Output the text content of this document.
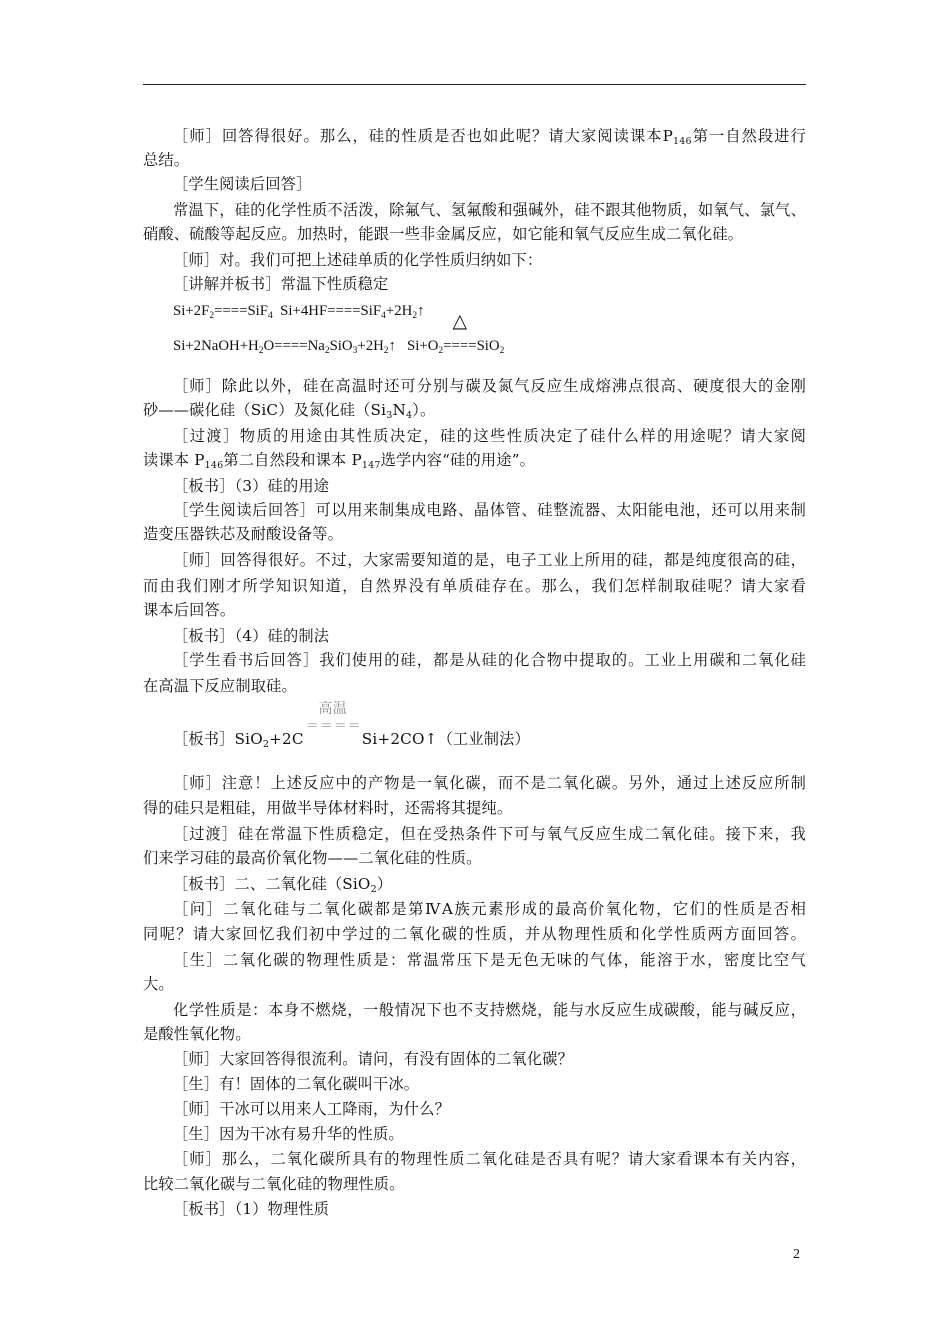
［师］回答得很好。那么，硅的性质是否也如此呢？请大家阅读课本$P_{146}$第一自然段进行
总结。
［学生阅读后回答］
常温下，硅的化学性质不活泼，除氟气、氢氟酸和强碱外，硅不跟其他物质，如氧气、氯气、
硝酸、硫酸等起反应。加热时，能跟一些非金属反应，如它能和氧气反应生成二氧化硅。
［师］对。我们可把上述硅单质的化学性质归纳如下：
［讲解并板书］常温下性质稳定
$Si+2F_2====SiF_4$  $Si+4HF====SiF_4+2H_2↑$
$Si+2NaOH+H_2O====Na_2SiO_3+2H_2↑$   $Si+O_2$
△
====SiO$_2$
［师］除此以外，硅在高温时还可分别与碳及氮气反应生成熔沸点很高、硬度很大的金刚
砂——碳化硅（SiC）及氮化硅$(Si_3N_4)$。
［过渡］物质的用途由其性质决定，硅的这些性质决定了硅什么样的用途呢？请大家阅
读课本 $P_{146}$第二自然段和课本 $P_{147}$选学内容“硅的用途”。
［板书］（3）硅的用途
［学生阅读后回答］可以用来制集成电路、晶体管、硅整流器、太阳能电池，还可以用来制
造变压器铁芯及耐酸设备等。
［师］回答得很好。不过，大家需要知道的是，电子工业上所用的硅，都是纯度很高的硅，
而由我们刚才所学知识知道，自然界没有单质硅存在。那么，我们怎样制取硅呢？请大家看
课本后回答。
［板书］（4）硅的制法
［学生看书后回答］我们使用的硅，都是从硅的化合物中提取的。工业上用碳和二氧化硅
在高温下反应制取硅。
［板书］SiO$_2$+2C
高温
＝＝＝＝
Si+2CO↑（工业制法）
［师］注意！上述反应中的产物是一氧化碳，而不是二氧化碳。另外，通过上述反应所制
得的硅只是粗硅，用做半导体材料时，还需将其提纯。
［过渡］硅在常温下性质稳定，但在受热条件下可与氧气反应生成二氧化硅。接下来，我
们来学习硅的最高价氧化物——二氧化硅的性质。
［板书］二、二氧化硅（SiO$_2$）
［问］二氧化硅与二氧化碳都是第ⅣA族元素形成的最高价氧化物，它们的性质是否相
同呢？请大家回忆我们初中学过的二氧化碳的性质，并从物理性质和化学性质两方面回答。
［生］二氧化碳的物理性质是：常温常压下是无色无味的气体，能溶于水，密度比空气
大。
化学性质是：本身不燃烧，一般情况下也不支持燃烧，能与水反应生成碳酸，能与碱反应，
是酸性氧化物。
［师］大家回答得很流利。请问，有没有固体的二氧化碳？
［生］有！固体的二氧化碳叫干冰。
［师］干冰可以用来人工降雨，为什么？
［生］因为干冰有易升华的性质。
［师］那么，二氧化碳所具有的物理性质二氧化硅是否具有呢？请大家看课本有关内容，
比较二氧化碳与二氧化硅的物理性质。
［板书］（1）物理性质
2
